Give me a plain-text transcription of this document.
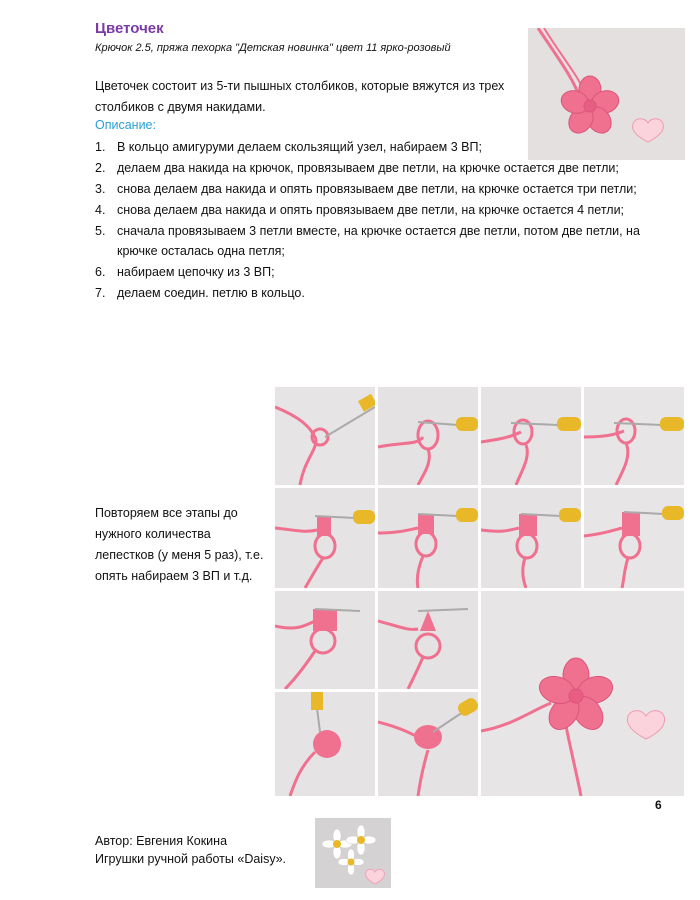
Цветочек
Крючок 2.5, пряжа пехорка "Детская новинка" цвет 11 ярко-розовый
Цветочек состоит из 5-ти пышных столбиков, которые вяжутся из трех столбиков с двумя накидами.
Описание:
1. В кольцо амигуруми делаем скользящий узел, набираем 3 ВП;
2. делаем два накида на крючок, провязываем две петли, на крючке остается две петли;
3. снова делаем два накида и опять провязываем две петли, на крючке остается три петли;
4. снова делаем два накида и опять провязываем две петли, на крючке остается 4 петли;
5. сначала провязываем 3 петли вместе, на крючке остается две петли, потом две петли, на крючке осталась одна петля;
6. набираем цепочку из 3 ВП;
7. делаем соедин. петлю в кольцо.
Повторяем все этапы до нужного количества лепестков (у меня 5 раз), т.е. опять набираем 3 ВП и т.д.
6
Автор: Евгения Кокина
Игрушки ручной работы «Daisy».
